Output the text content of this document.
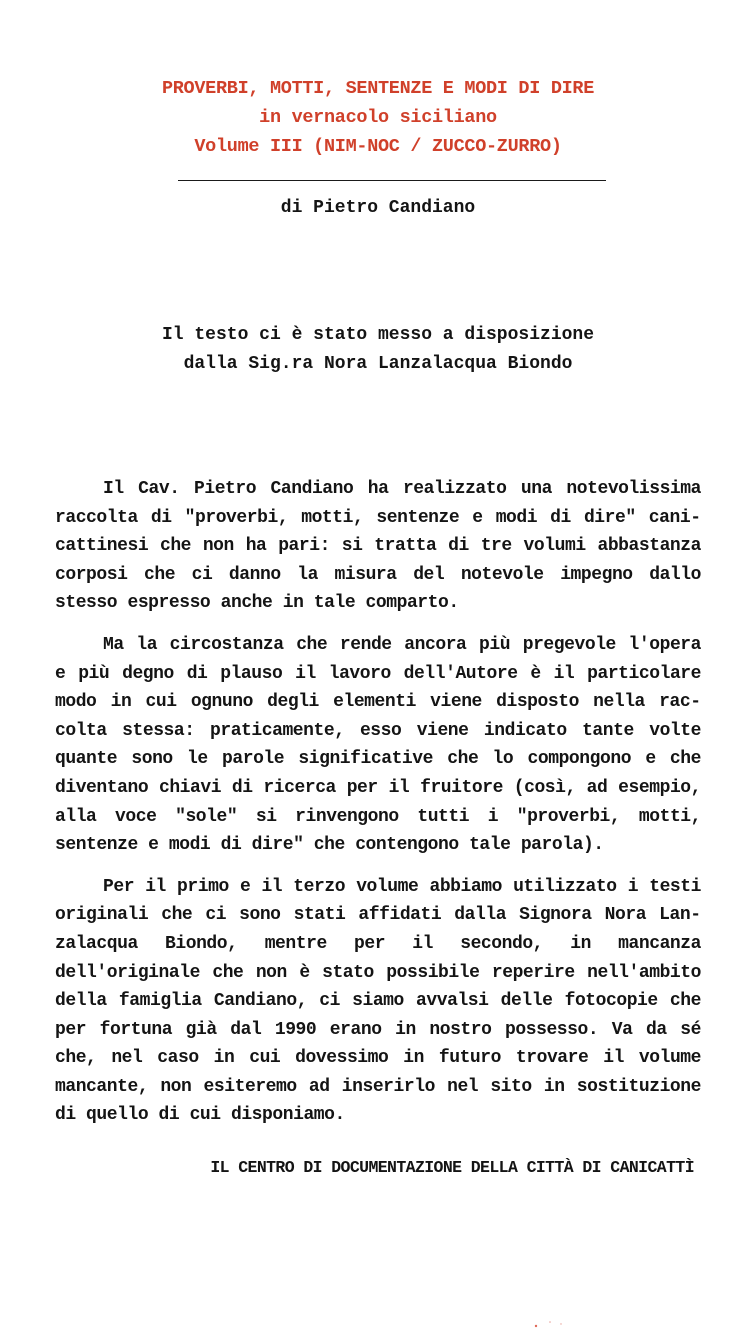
PROVERBI, MOTTI, SENTENZE E MODI DI DIRE
in vernacolo siciliano
Volume III (NIM-NOC / ZUCCO-ZURRO)
di Pietro Candiano
Il testo ci è stato messo a disposizione
dalla Sig.ra Nora Lanzalacqua Biondo

Il Cav. Pietro Candiano ha realizzato una notevolissima raccolta di "proverbi, motti, sentenze e modi di dire" canicattinesi che non ha pari: si tratta di tre volumi abbastanza corposi che ci danno la misura del notevole impegno dallo stesso espresso anche in tale comparto.

Ma la circostanza che rende ancora più pregevole l'opera e più degno di plauso il lavoro dell'Autore è il particolare modo in cui ognuno degli elementi viene disposto nella raccolta stessa: praticamente, esso viene indicato tante volte quante sono le parole significative che lo compongono e che diventano chiavi di ricerca per il fruitore (così, ad esempio, alla voce "sole" si rinvengono tutti i "proverbi, motti, sentenze e modi di dire" che contengono tale parola).

Per il primo e il terzo volume abbiamo utilizzato i testi originali che ci sono stati affidati dalla Signora Nora Lanzalacqua Biondo, mentre per il secondo, in mancanza dell'originale che non è stato possibile reperire nell'ambito della famiglia Candiano, ci siamo avvalsi delle fotocopie che per fortuna già dal 1990 erano in nostro possesso. Va da sé che, nel caso in cui dovessimo in futuro trovare il volume mancante, non esiteremo ad inserirlo nel sito in sostituzione di quello di cui disponiamo.

IL CENTRO DI DOCUMENTAZIONE DELLA CITTÀ DI CANICATTÌ
